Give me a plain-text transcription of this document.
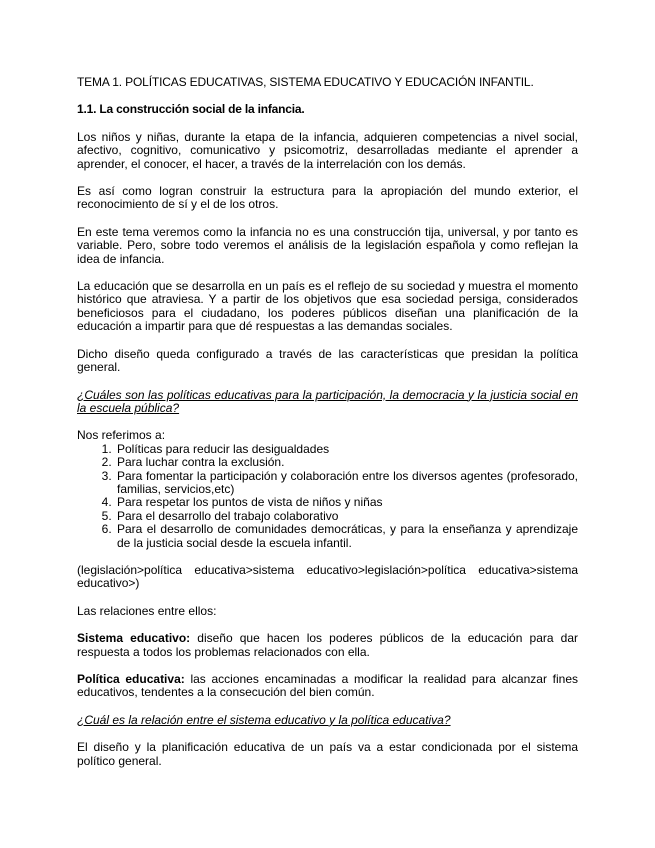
TEMA 1. POLÍTICAS EDUCATIVAS, SISTEMA EDUCATIVO Y EDUCACIÓN INFANTIL.

1.1. La construcción social de la infancia.

Los niños y niñas, durante la etapa de la infancia, adquieren competencias a nivel social, afectivo, cognitivo, comunicativo y psicomotriz, desarrolladas mediante el aprender a aprender, el conocer, el hacer, a través de la interrelación con los demás.

Es así como logran construir la estructura para la apropiación del mundo exterior, el reconocimiento de sí y el de los otros.

En este tema veremos como la infancia no es una construcción tija, universal, y por tanto es variable. Pero, sobre todo veremos el análisis de la legislación española y como reflejan la idea de infancia.

La educación que se desarrolla en un país es el reflejo de su sociedad y muestra el momento histórico que atraviesa. Y a partir de los objetivos que esa sociedad persiga, considerados beneficiosos para el ciudadano, los poderes públicos diseñan una planificación de la educación a impartir para que dé respuestas a las demandas sociales.

Dicho diseño queda configurado a través de las características que presidan la política general.

¿Cuáles son las políticas educativas para la participación, la democracia y la justicia social en la escuela pública?

Nos referimos a:

1. Políticas para reducir las desigualdades
2. Para luchar contra la exclusión.
3. Para fomentar la participación y colaboración entre los diversos agentes (profesorado, familias, servicios,etc)
4. Para respetar los puntos de vista de niños y niñas
5. Para el desarrollo del trabajo colaborativo
6. Para el desarrollo de comunidades democráticas, y para la enseñanza y aprendizaje de la justicia social desde la escuela infantil.

(legislación>política educativa>sistema educativo>legislación>política educativa>sistema educativo>)

Las relaciones entre ellos:

Sistema educativo: diseño que hacen los poderes públicos de la educación para dar respuesta a todos los problemas relacionados con ella.

Política educativa: las acciones encaminadas a modificar la realidad para alcanzar fines educativos, tendentes a la consecución del bien común.

¿Cuál es la relación entre el sistema educativo y la política educativa?

El diseño y la planificación educativa de un país va a estar condicionada por el sistema político general.
